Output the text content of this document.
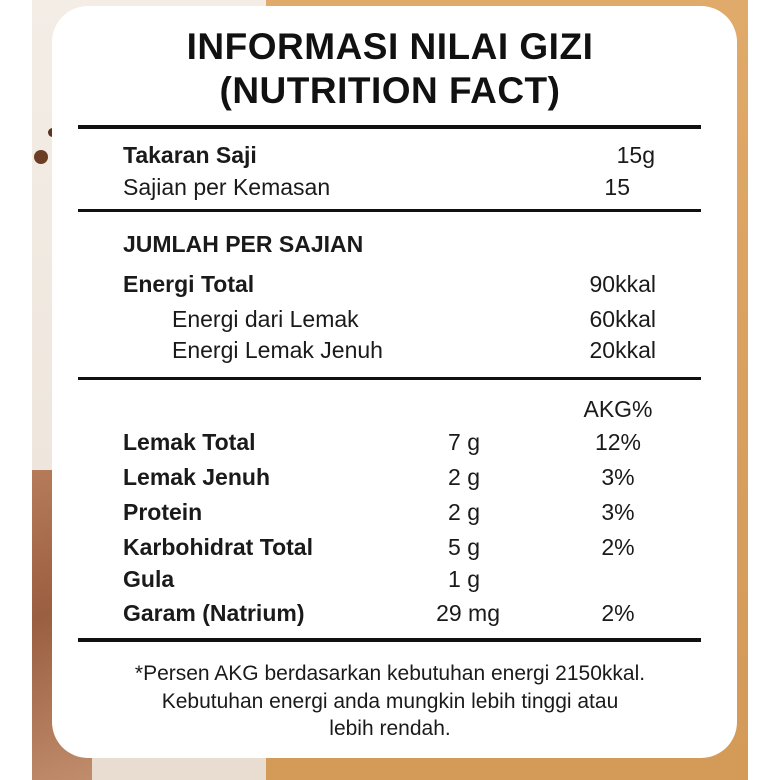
INFORMASI NILAI GIZI
(NUTRITION FACT)
Takaran Saji	15g
Sajian per Kemasan	15
JUMLAH PER SAJIAN
Energi Total	90kkal
Energi dari Lemak	60kkal
Energi Lemak Jenuh	20kkal
AKG%
Lemak Total	7 g	12%
Lemak Jenuh	2 g	3%
Protein	2 g	3%
Karbohidrat Total	5 g	2%
Gula	1 g
Garam (Natrium)	29 mg	2%
*Persen AKG berdasarkan kebutuhan energi 2150kkal.
Kebutuhan energi anda mungkin lebih tinggi atau
lebih rendah.
